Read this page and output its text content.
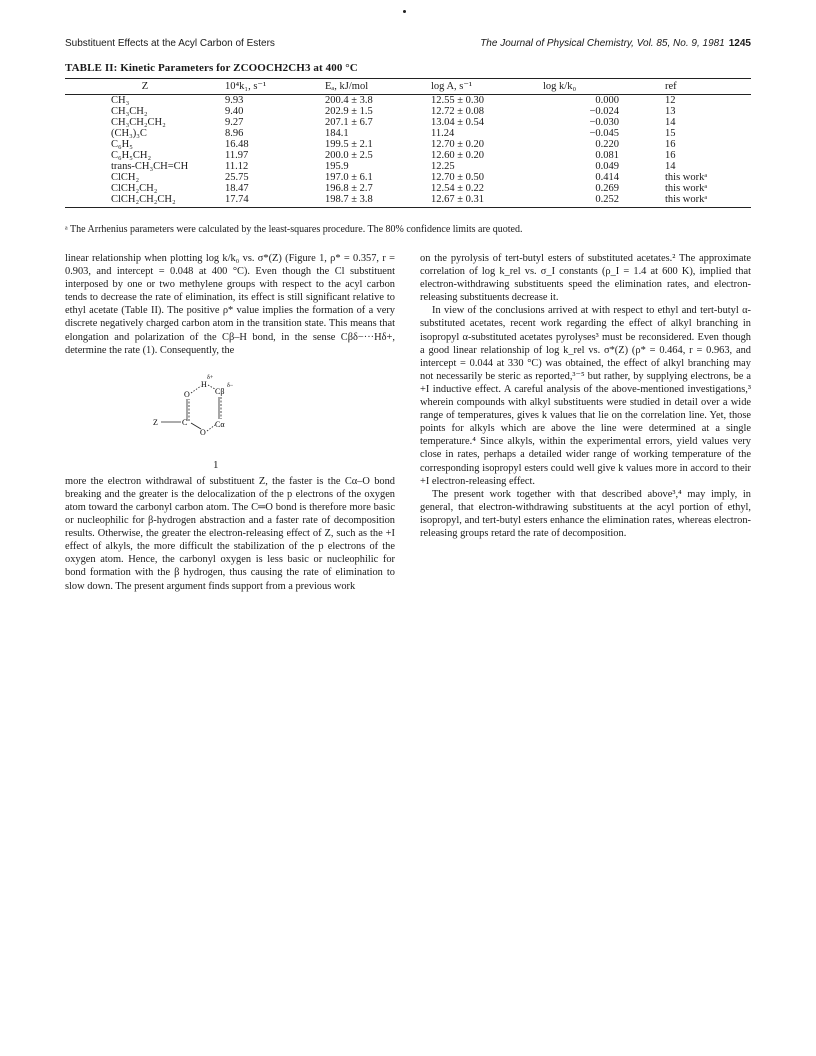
Substituent Effects at the Acyl Carbon of Esters	The Journal of Physical Chemistry, Vol. 85, No. 9, 1981 1245
TABLE II: Kinetic Parameters for ZCOOCH2CH3 at 400 °C
Z	10⁴k₁, s⁻¹	Eₐ, kJ/mol	log A, s⁻¹	log k/k₀	ref
CH₃	9.93	200.4 ± 3.8	12.55 ± 0.30	0.000	12
CH₃CH₂	9.40	202.9 ± 1.5	12.72 ± 0.08	−0.024	13
CH₃CH₂CH₂	9.27	207.1 ± 6.7	13.04 ± 0.54	−0.030	14
(CH₃)₃C	8.96	184.1	11.24	−0.045	15
C₆H₅	16.48	199.5 ± 2.1	12.70 ± 0.20	0.220	16
C₆H₅CH₂	11.97	200.0 ± 2.5	12.60 ± 0.20	0.081	16
trans-CH₃CH=CH	11.12	195.9	12.25	0.049	14
ClCH₂	25.75	197.0 ± 6.1	12.70 ± 0.50	0.414	this workᵃ
ClCH₂CH₂	18.47	196.8 ± 2.7	12.54 ± 0.22	0.269	this workᵃ
ClCH₂CH₂CH₂	17.74	198.7 ± 3.8	12.67 ± 0.31	0.252	this workᵃ
ᵃ The Arrhenius parameters were calculated by the least-squares procedure. The 80% confidence limits are quoted.

linear relationship when plotting log k/k₀ vs. σ*(Z) (Figure 1, ρ* = 0.357, r = 0.903, and intercept = 0.048 at 400 °C). Even though the Cl substituent interposed by one or two methylene groups with respect to the acyl carbon tends to decrease the rate of elimination, its effect is still significant relative to ethyl acetate (Table II). The positive ρ* value implies the formation of a very discrete negatively charged carbon atom in the transition state. This means that elongation and polarization of the Cβ–H bond, in the sense Cβδ−···Hδ+, determine the rate (1). Consequently, the

Z	C
O
H
δ+
Cβ
δ−
Cα
O
1

more the electron withdrawal of substituent Z, the faster is the Cα–O bond breaking and the greater is the delocalization of the p electrons of the oxygen atom toward the carbonyl carbon atom. The C═O bond is therefore more basic or nucleophilic for β-hydrogen abstraction and a faster rate of decomposition results. Otherwise, the greater the electron-releasing effect of Z, such as the +I effect of alkyls, the more difficult the stabilization of the p electrons of the oxygen atom. Hence, the carbonyl oxygen is less basic or nucleophilic for bond formation with the β hydrogen, thus causing the rate of elimination to slow down. The present argument finds support from a previous work

on the pyrolysis of tert-butyl esters of substituted acetates.² The approximate correlation of log k_rel vs. σ_I constants (ρ_I = 1.4 at 600 K), implied that electron-withdrawing substituents speed the elimination rates, and electron-releasing substituents decrease it.

In view of the conclusions arrived at with respect to ethyl and tert-butyl α-substituted acetates, recent work regarding the effect of alkyl branching in isopropyl α-substituted acetates pyrolyses³ must be reconsidered. Even though a good linear relationship of log k_rel vs. σ*(Z) (ρ* = 0.464, r = 0.963, and intercept = 0.044 at 330 °C) was obtained, the effect of alkyl branching may not necessarily be steric as reported,³⁻⁵ but rather, by supplying electrons, be a +I inductive effect. A careful analysis of the above-mentioned investigations,³ wherein compounds with alkyl substituents were studied in detail over a wide range of temperatures, gives k values that lie on the correlation line. Yet, those points for alkyls which are above the line were determined at a single temperature.⁴ Since alkyls, within the experimental errors, yield values very close in rates, perhaps a detailed wider range of working temperature of the corresponding isopropyl esters could well give k values more in accord to their +I electron-releasing effect.

The present work together with that described above³,⁴ may imply, in general, that electron-withdrawing substituents at the acyl portion of ethyl, isopropyl, and tert-butyl esters enhance the elimination rates, whereas electron-releasing groups retard the rate of decomposition.
